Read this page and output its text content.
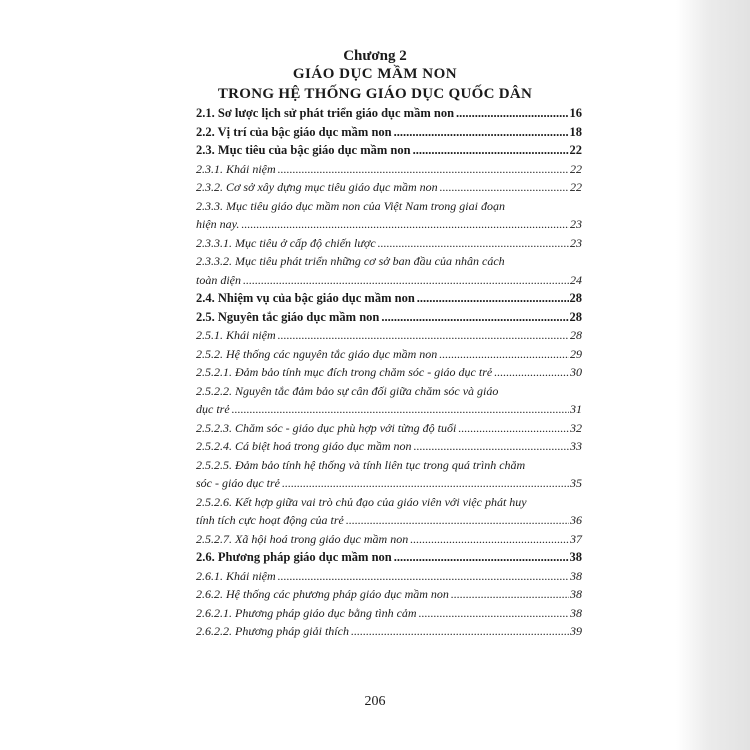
Chương 2
GIÁO DỤC MẦM NON
TRONG HỆ THỐNG GIÁO DỤC QUỐC DÂN
2.1. Sơ lược lịch sử phát triển giáo dục mầm non .....	16
2.2. Vị trí của bậc giáo dục mầm non .....	18
2.3. Mục tiêu của bậc giáo dục mầm non .....	22
2.3.1. Khái niệm .....	22
2.3.2. Cơ sở xây dựng mục tiêu giáo dục mầm non .....	22
2.3.3. Mục tiêu giáo dục mầm non của Việt Nam trong giai đoạn
hiện nay. .....	23
2.3.3.1. Mục tiêu ở cấp độ chiến lược .....	23
2.3.3.2. Mục tiêu phát triển những cơ sở ban đầu của nhân cách
toàn diện .....	24
2.4. Nhiệm vụ của bậc giáo dục mầm non .....	28
2.5. Nguyên tắc giáo dục mầm non .....	28
2.5.1. Khái niệm .....	28
2.5.2. Hệ thống các nguyên tắc giáo dục mầm non .....	29
2.5.2.1. Đảm bảo tính mục đích trong chăm sóc - giáo dục trẻ .....	30
2.5.2.2. Nguyên tắc đảm bảo sự cân đối giữa chăm sóc và giáo
dục trẻ .....	31
2.5.2.3. Chăm sóc - giáo dục phù hợp với từng độ tuổi .....	32
2.5.2.4. Cá biệt hoá trong giáo dục mầm non .....	33
2.5.2.5. Đảm bảo tính hệ thống và tính liên tục trong quá trình chăm
sóc - giáo dục trẻ .....	35
2.5.2.6. Kết hợp giữa vai trò chủ đạo của giáo viên với việc phát huy
tính tích cực hoạt động của trẻ .....	36
2.5.2.7. Xã hội hoá trong giáo dục mầm non .....	37
2.6. Phương pháp giáo dục mầm non .....	38
2.6.1. Khái niệm .....	38
2.6.2. Hệ thống các phương pháp giáo dục mầm non .....	38
2.6.2.1. Phương pháp giáo dục bằng tình cảm .....	38
2.6.2.2. Phương pháp giải thích .....	39
206
